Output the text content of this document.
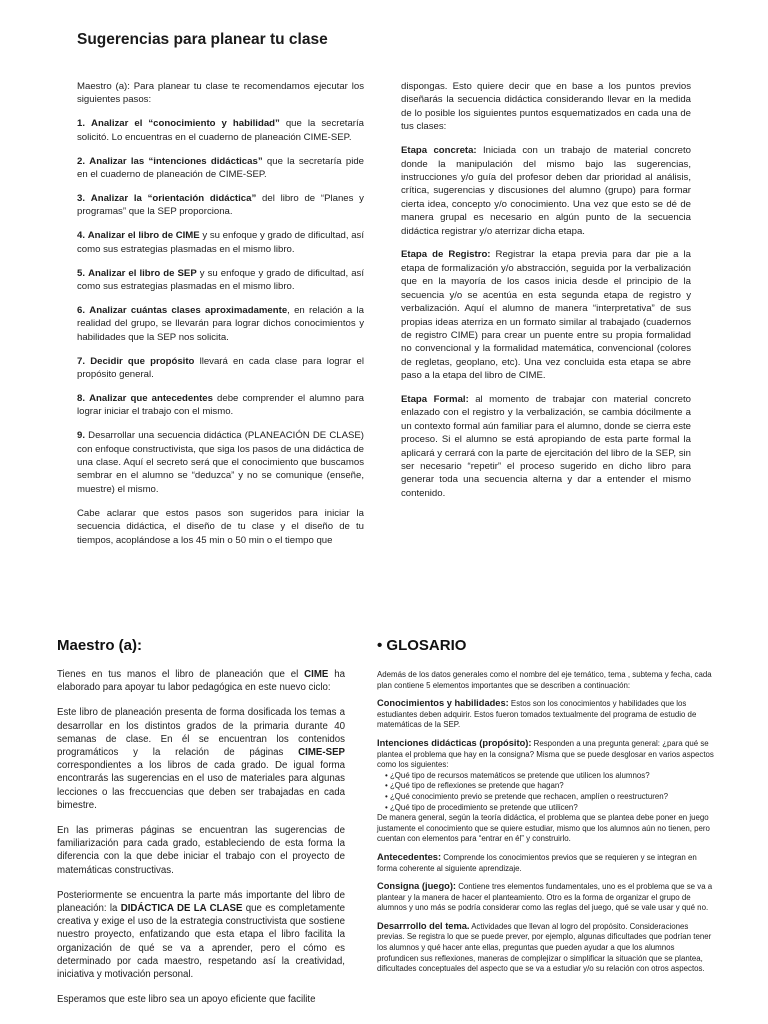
Sugerencias para planear tu clase

Maestro (a): Para planear tu clase te recomendamos ejecutar los siguientes pasos:

1. Analizar el “conocimiento y habilidad” que la secretaría solicitó. Lo encuentras en el cuaderno de planeación CIME-SEP.

2. Analizar las “intenciones didácticas” que la secretaría pide en el cuaderno de planeación de CIME-SEP.

3. Analizar la “orientación didáctica” del libro de “Planes y programas” que la SEP proporciona.

4. Analizar el libro de CIME y su enfoque y grado de dificultad, así como sus estrategias plasmadas en el mismo libro.

5. Analizar el libro de SEP y su enfoque y grado de dificultad, así como sus estrategias plasmadas en el mismo libro.

6. Analizar cuántas clases aproximadamente, en relación a la realidad del grupo, se llevarán para lograr dichos conocimientos y habilidades que la SEP nos solicita.

7. Decidir que propósito llevará en cada clase para lograr el propósito general.

8. Analizar que antecedentes debe comprender el alumno para lograr iniciar el trabajo con el mismo.

9. Desarrollar una secuencia didáctica (PLANEACIÓN DE CLASE) con enfoque constructivista, que siga los pasos de una didáctica de una clase. Aquí el secreto será que el conocimiento que buscamos sembrar en el alumno se “deduzca” y no se comunique (enseñe, muestre) el mismo.

Cabe aclarar que estos pasos son sugeridos para iniciar la secuencia didáctica, el diseño de tu clase y el diseño de tu tiempos, acoplándose a los 45 min o 50 min o el tiempo que

dispongas. Esto quiere decir que en base a los puntos previos diseñarás la secuencia didáctica considerando llevar en la medida de lo posible los siguientes puntos esquematizados en cada una de tus clases:

Etapa concreta: Iniciada con un trabajo de material concreto donde la manipulación del mismo bajo las sugerencias, instrucciones y/o guía del profesor deben dar prioridad al análisis, crítica, sugerencias y discusiones del alumno (grupo) para formar cierta idea, concepto y/o conocimiento. Una vez que esto se dé de manera grupal es necesario en algún punto de la secuencia didáctica registrar y/o aterrizar dicha etapa.

Etapa de Registro: Registrar la etapa previa para dar pie a la etapa de formalización y/o abstracción, seguida por la verbalización que en la mayoría de los casos inicia desde el principio de la secuencia y/o se acentúa en esta segunda etapa de registro y verbalización. Aquí el alumno de manera “interpretativa” de sus propias ideas aterriza en un formato similar al trabajado (cuadernos de registro CIME) para crear un puente entre su propia formalidad no convencional y la formalidad matemática, convencional (colores de regletas, geoplano, etc). Una vez concluida esta etapa se abre paso a la etapa del libro de CIME.

Etapa Formal: al momento de trabajar con material concreto enlazado con el registro y la verbalización, se cambia dócilmente a un contexto formal aún familiar para el alumno, donde se cierra este proceso. Si el alumno se está apropiando de esta parte formal la aplicará y cerrará con la parte de ejercitación del libro de la SEP, sin ser necesario “repetir” el proceso sugerido en dicho libro para generar toda una secuencia alterna y dar a entender el mismo contenido.

Maestro (a):

Tienes en tus manos el libro de planeación que el CIME ha elaborado para apoyar tu labor pedagógica en este nuevo ciclo:

Este libro de planeación presenta de forma dosificada los temas a desarrollar en los distintos grados de la primaria durante 40 semanas de clase. En él se encuentran los contenidos programáticos y la relación de páginas CIME-SEP correspondientes a los libros de cada grado. De igual forma encontrarás las sugerencias en el uso de materiales para algunas lecciones o las freccuencias que deben ser trabajadas en cada bimestre.

En las primeras páginas se encuentran las sugerencias de familiarización para cada grado, estableciendo de esta forma la diferencia con la que debe iniciar el trabajo con el proyecto de matemáticas constructivas.

Posteriormente se encuentra la parte más importante del libro de planeación: la DIDÁCTICA DE LA CLASE que es completamente creativa y exige el uso de la estrategia constructivista que sostiene nuestro proyecto, enfatizando que esta etapa el libro facilita la organización de qué se va a aprender, pero el cómo es determinado por cada maestro, respetando así la creatividad, iniciativa y motivación personal.

Esperamos que este libro sea un apoyo eficiente que facilite

• GLOSARIO
Además de los datos generales como el nombre del eje temático, tema , subtema y fecha, cada plan contiene 5 elementos importantes que se describen a continuación:
Conocimientos y habilidades: Estos son los conocimientos y habilidades que los estudiantes deben adquirir. Estos fueron tomados textualmente del programa de estudio de matemáticas de la SEP.
Intenciones didácticas (propósito): Responden a una pregunta general: ¿para qué se plantea el problema que hay en la consigna? Misma que se puede desglosar en varios aspectos como los siguientes:
• ¿Qué tipo de recursos matemáticos se pretende que utilicen los alumnos?
• ¿Qué tipo de reflexiones se pretende que hagan?
• ¿Qué conocimiento previo se pretende que rechacen, amplíen o reestructuren?
• ¿Qué tipo de procedimiento se pretende que utilicen?
De manera general, según la teoría didáctica, el problema que se plantea debe poner en juego justamente el conocimiento que se quiere estudiar, mismo que los alumnos aún no tienen, pero cuentan con elementos para “entrar en él” y construirlo.
Antecedentes: Comprende los conocimientos previos que se requieren y se integran en forma coherente al siguiente aprendizaje.
Consigna (juego): Contiene tres elementos fundamentales, uno es el problema que se va a plantear y la manera de hacer el planteamiento. Otro es la forma de organizar el grupo de alumnos y uno más se podría considerar como las reglas del juego, qué se vale usar y qué no.
Desarrrollo del tema. Actividades que llevan al logro del propósito. Consideraciones previas. Se registra lo que se puede prever, por ejemplo, algunas dificultades que podrían tener los alumnos y qué hacer ante ellas, preguntas que pueden ayudar a que los alumnos profundicen sus reflexiones, maneras de complejizar o simplificar la situación que se plantea, dificultades conceptuales del aspecto que se va a estudiar y/o su relación con otros aspectos.
